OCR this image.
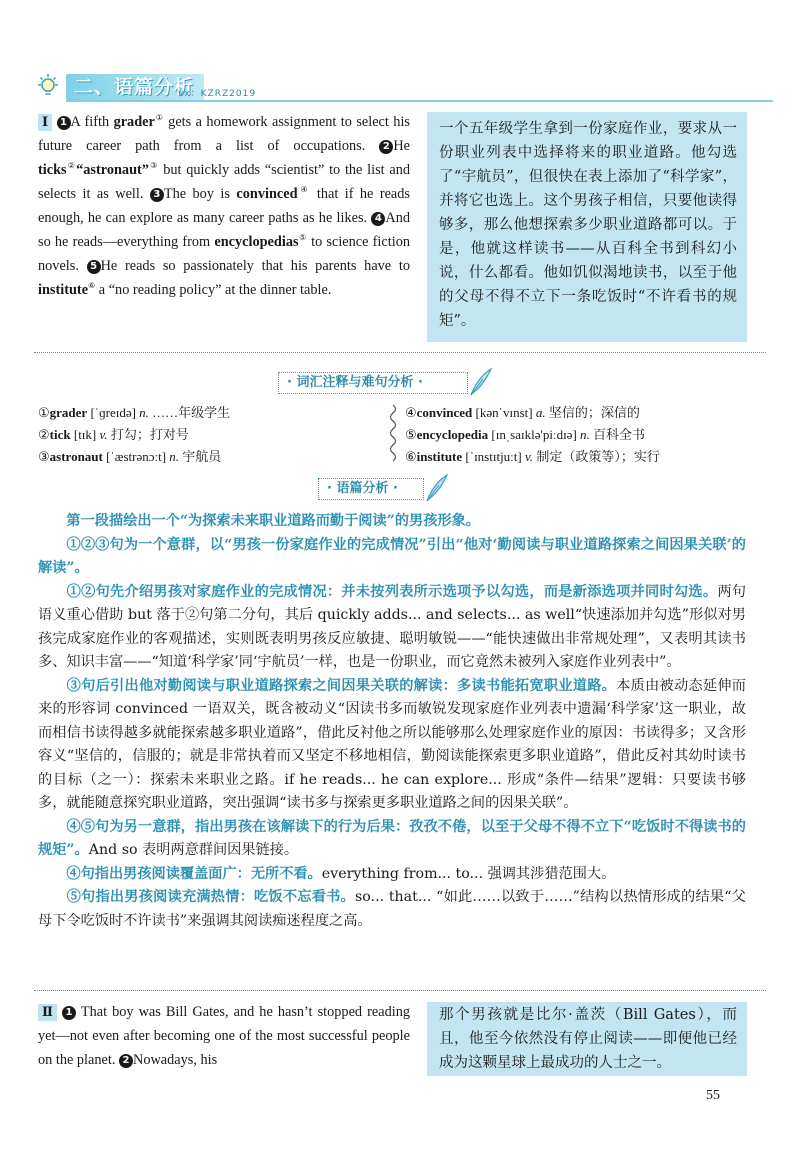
二、语篇分析
vx：KZRZ2019
Ⅰ 1 A fifth grader① gets a homework assignment to select his future career path from a list of occupations. 2 He ticks②“astronaut”③ but quickly adds “scientist” to the list and selects it as well. 3 The boy is convinced④ that if he reads enough, he can explore as many career paths as he likes. 4 And so he reads—everything from encyclopedias⑤ to science fiction novels. 5 He reads so passionately that his parents have to institute⑥ a “no reading policy” at the dinner table.
一个五年级学生拿到一份家庭作业，要求从一份职业列表中选择将来的职业道路。他勾选了“宇航员”，但很快在表上添加了“科学家”，并将它也选上。这个男孩子相信，只要他读得够多，那么他想探索多少职业道路都可以。于是，他就这样读书——从百科全书到科幻小说，什么都看。他如饥似渴地读书，以至于他的父母不得不立下一条吃饭时“不许看书的规矩”。
· 词汇注释与难句分析 ·
①grader [ˈɡreɪdə] n. ……年级学生
②tick [tɪk] v. 打勾；打对号
③astronaut [ˈæstrənɔːt] n. 宇航员
④convinced [kənˈvɪnst] a. 坚信的；深信的
⑤encyclopedia [ɪnˌsaɪklə'piːdɪə] n. 百科全书
⑥institute [ˈɪnstɪtjuːt] v. 制定（政策等）；实行
· 语篇分析 ·

第一段描绘出一个“为探索未来职业道路而勤于阅读”的男孩形象。

①②③句为一个意群，以“男孩一份家庭作业的完成情况”引出“他对‘勤阅读与职业道路探索之间因果关联’的解读”。

①②句先介绍男孩对家庭作业的完成情况：并未按列表所示选项予以勾选，而是新添选项并同时勾选。两句语义重心借助 but 落于②句第二分句，其后 quickly adds... and selects... as well“快速添加并勾选”形似对男孩完成家庭作业的客观描述，实则既表明男孩反应敏捷、聪明敏锐——“能快速做出非常规处理”，又表明其读书多、知识丰富——“知道‘科学家’同‘宇航员’一样，也是一份职业，而它竟然未被列入家庭作业列表中”。

③句后引出他对勤阅读与职业道路探索之间因果关联的解读：多读书能拓宽职业道路。本质由被动态延伸而来的形容词 convinced 一语双关，既含被动义“因读书多而敏锐发现家庭作业列表中遗漏‘科学家’这一职业，故而相信书读得越多就能探索越多职业道路”，借此反衬他之所以能够那么处理家庭作业的原因：书读得多；又含形容义“坚信的，信服的；就是非常执着而又坚定不移地相信，勤阅读能探索更多职业道路”，借此反衬其幼时读书的目标（之一）：探索未来职业之路。if he reads... he can explore... 形成“条件—结果”逻辑：只要读书够多，就能随意探究职业道路，突出强调“读书多与探索更多职业道路之间的因果关联”。

④⑤句为另一意群，指出男孩在该解读下的行为后果：孜孜不倦，以至于父母不得不立下“吃饭时不得读书的规矩”。And so 表明两意群间因果链接。

④句指出男孩阅读覆盖面广：无所不看。everything from... to... 强调其涉猎范围大。

⑤句指出男孩阅读充满热情：吃饭不忘看书。so... that... “如此……以致于……”结构以热情形成的结果“父母下令吃饭时不许读书”来强调其阅读痴迷程度之高。

Ⅱ 1 That boy was Bill Gates, and he hasn’t stopped reading yet—not even after becoming one of the most successful people on the planet. 2 Nowadays, his
那个男孩就是比尔·盖茨（Bill Gates），而且，他至今依然没有停止阅读——即便他已经成为这颗星球上最成功的人士之一。
55
